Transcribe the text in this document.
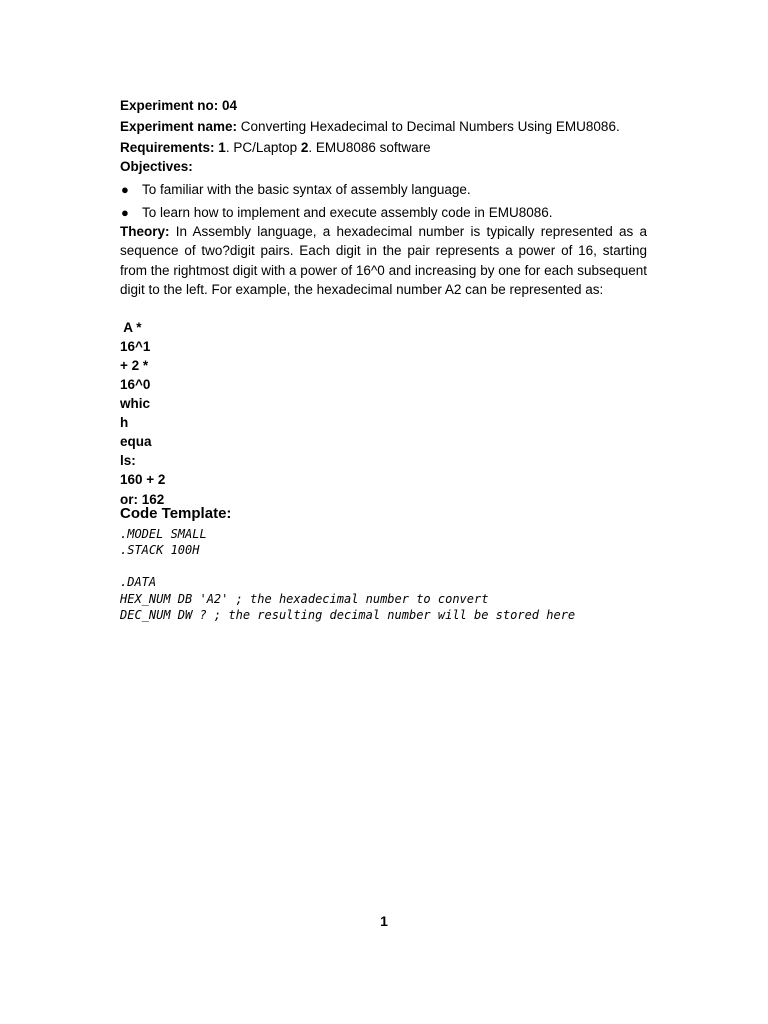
Experiment no: 04
Experiment name: Converting Hexadecimal to Decimal Numbers Using EMU8086.
Requirements: 1. PC/Laptop 2. EMU8086 software
Objectives:
● To familiar with the basic syntax of assembly language.
● To learn how to implement and execute assembly code in EMU8086.
Theory: In Assembly language, a hexadecimal number is typically represented as a sequence of two?digit pairs. Each digit in the pair represents a power of 16, starting from the rightmost digit with a power of 16^0 and increasing by one for each subsequent digit to the left. For example, the hexadecimal number A2 can be represented as:
A *
16^1
+ 2 *
16^0
whic
h
equa
ls:
160 + 2
or: 162
Code Template:
.MODEL SMALL
.STACK 100H
.DATA
HEX_NUM DB 'A2' ; the hexadecimal number to convert
DEC_NUM DW ? ; the resulting decimal number will be stored here
1
